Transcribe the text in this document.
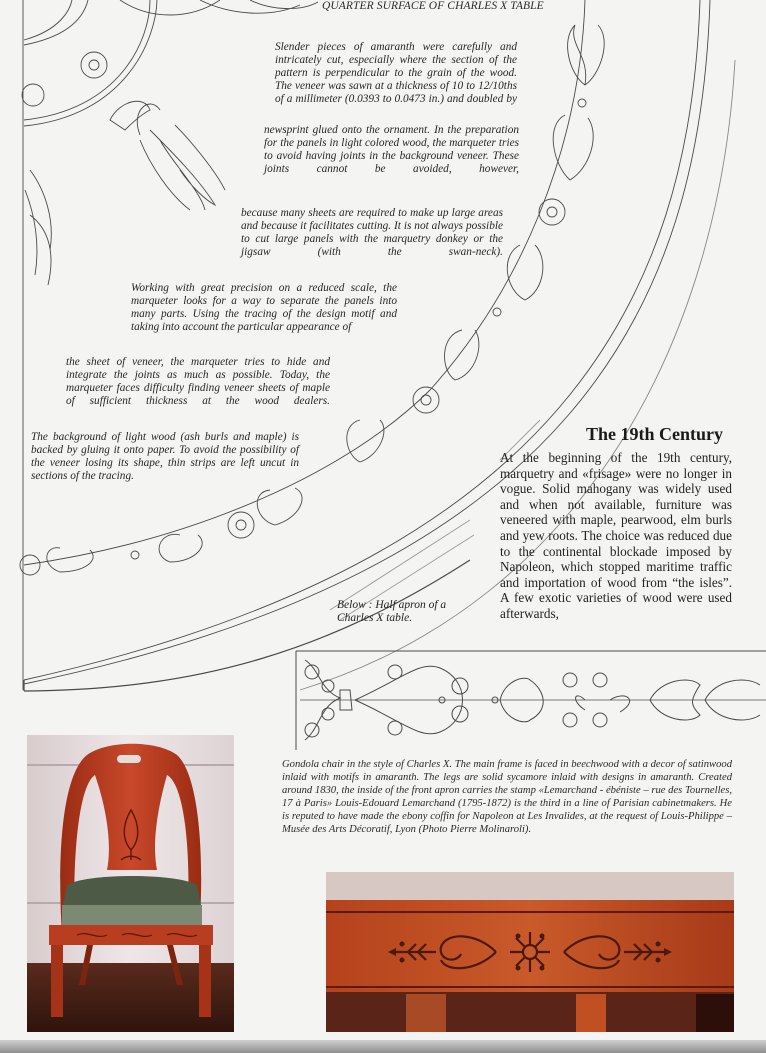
QUARTER SURFACE OF CHARLES X TABLE

Slender pieces of amaranth were carefully and intricately cut, especially where the section of the pattern is perpendicular to the grain of the wood. The veneer was sawn at a thickness of 10 to 12/10ths of a millimeter (0.0393 to 0.0473 in.) and doubled by

newsprint glued onto the ornament. In the preparation for the panels in light colored wood, the marqueter tries to avoid having joints in the background veneer. These joints cannot be avoided, however,

because many sheets are required to make up large areas and because it facilitates cutting. It is not always possible to cut large panels with the marquetry donkey or the jigsaw (with the swan-neck).

Working with great precision on a reduced scale, the marqueter looks for a way to separate the panels into many parts. Using the tracing of the design motif and taking into account the particular appearance of

the sheet of veneer, the marqueter tries to hide and integrate the joints as much as possible. Today, the marqueter faces difficulty finding veneer sheets of maple of sufficient thickness at the wood dealers.

The background of light wood (ash burls and maple) is backed by gluing it onto paper. To avoid the possibility of the veneer losing its shape, thin strips are left uncut in sections of the tracing.

Below : Half apron of a
Charles X table.
The 19th Century

At the beginning of the 19th century, marquetry and «frisage» were no longer in vogue. Solid mahogany was widely used and when not available, furniture was veneered with maple, pearwood, elm burls and yew roots. The choice was reduced due to the continental blockade imposed by Napoleon, which stopped maritime traffic and importation of wood from “the isles”. A few exotic varieties of wood were used afterwards,

Gondola chair in the style of Charles X. The main frame is faced in beechwood with a decor of satinwood inlaid with motifs in amaranth. The legs are solid sycamore inlaid with designs in amaranth. Created around 1830, the inside of the front apron carries the stamp «Lemarchand - ébéniste – rue des Tournelles, 17 à Paris» Louis-Edouard Lemarchand (1795-1872) is the third in a line of Parisian cabinetmakers. He is reputed to have made the ebony coffin for Napoleon at Les Invalides, at the request of Louis-Philippe – Musée des Arts Décoratif, Lyon (Photo Pierre Molinaroli).
